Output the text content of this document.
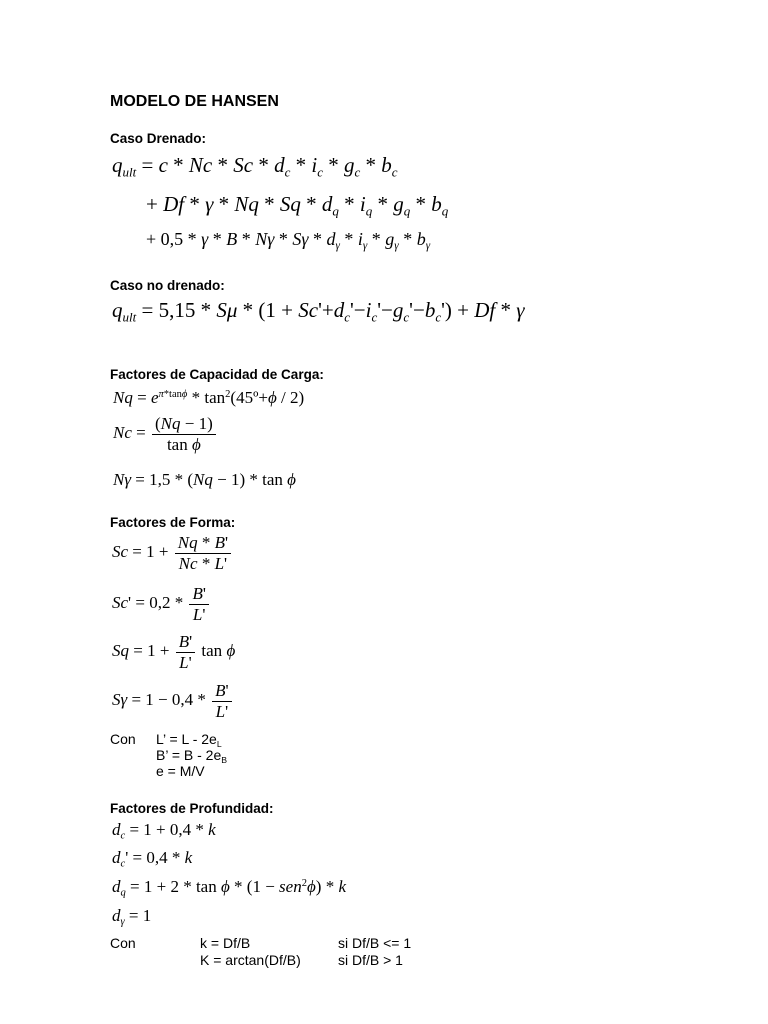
MODELO DE HANSEN
Caso Drenado:
$q_{ult} = c * Nc * Sc * d_c * i_c * g_c * b_c$
+ Df * γ * Nq * Sq * $d_q * i_q * g_q * b_q$
+ 0,5 * γ * B * Nγ * Sγ * $d_\gamma * i_\gamma * g_\gamma * b_\gamma$
Caso no drenado:
$q_{ult} = 5,15 * S\mu * (1 + Sc'+d_c'-i_c'-g_c'-b_c') + Df * \gamma$
Factores de Capacidad de Carga:
$Nq = e^{\pi*tan\phi}$ * $\tan^2(45º+\phi / 2)$
$Nc = \frac{(Nq - 1)}{\text{tan ϕ}}$
Nγ = 1,5 * (Nq − 1) * tan ϕ
Factores de Forma:
$Sc = 1 + \frac{Nq * B'}{Nc * L'}$
$Sc' = 0,2 * \frac{B'}{L'}$
$Sq = 1 + \frac{B'}{L'}$ tan ϕ
$S\gamma = 1 - 0,4 * \frac{B'}{L'}$
Con L’ = L - $2e_L$
B’ = B - $2e_B$
e = M/V
Factores de Profundidad:
$d_c = 1 + 0,4 * k$
$d_c' = 0,4 * k$
$d_q = 1 + 2 * \tan \phi * (1 - sen^2\phi) * k$
$d_\gamma = 1$
Con	k = Df/B	si Df/B <= 1
K = arctan(Df/B)	si Df/B > 1
